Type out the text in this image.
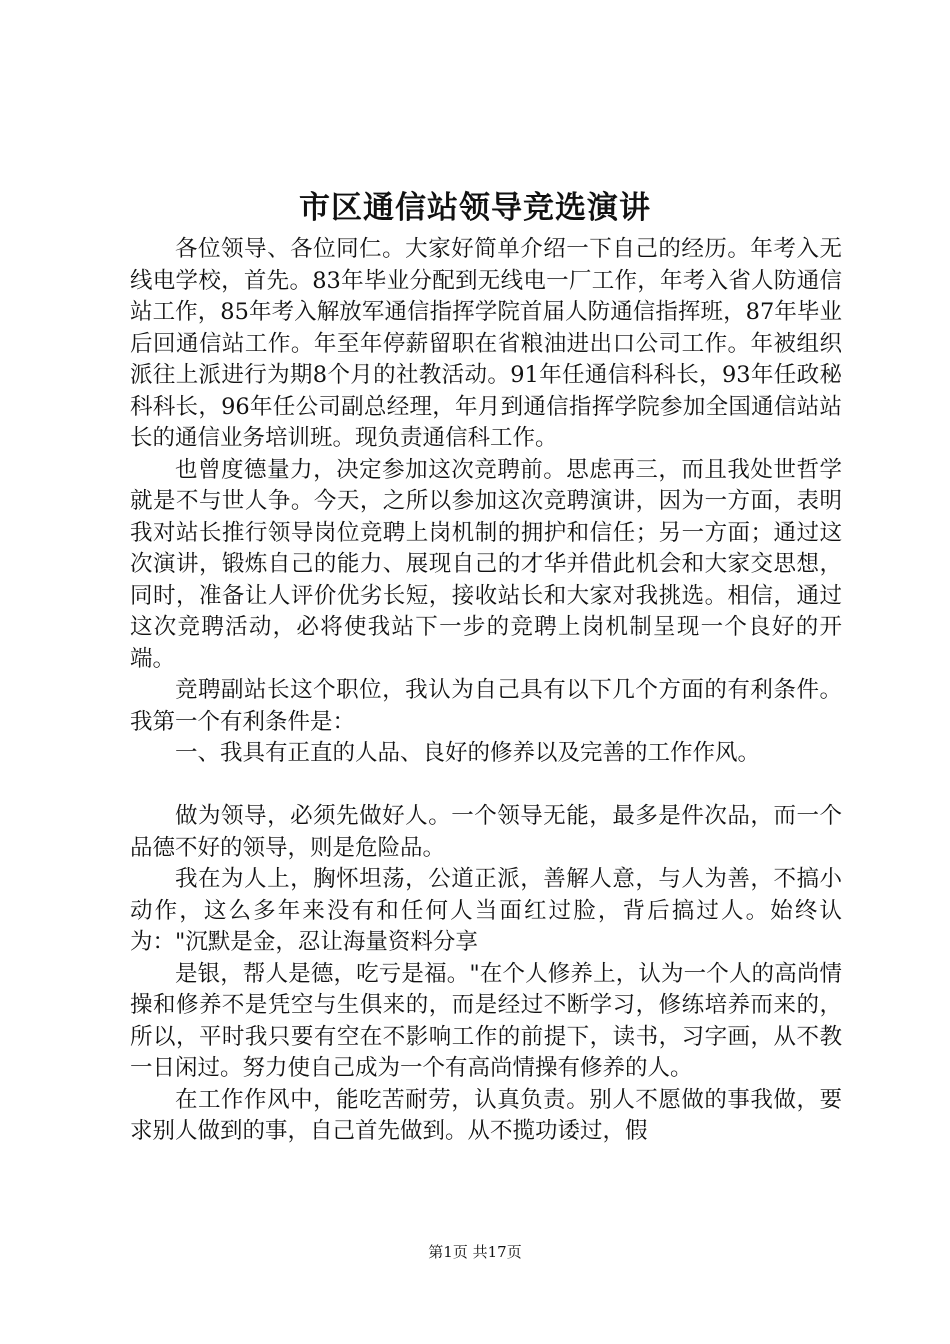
市区通信站领导竞选演讲

各位领导、各位同仁。大家好简单介绍一下自己的经历。年考入无线电学校，首先。83年毕业分配到无线电一厂工作，年考入省人防通信站工作，85年考入解放军通信指挥学院首届人防通信指挥班，87年毕业后回通信站工作。年至年停薪留职在省粮油进出口公司工作。年被组织派往上派进行为期8个月的社教活动。91年任通信科科长，93年任政秘科科长，96年任公司副总经理，年月到通信指挥学院参加全国通信站站长的通信业务培训班。现负责通信科工作。

也曾度德量力，决定参加这次竞聘前。思虑再三，而且我处世哲学就是不与世人争。今天，之所以参加这次竞聘演讲，因为一方面，表明我对站长推行领导岗位竞聘上岗机制的拥护和信任；另一方面；通过这次演讲，锻炼自己的能力、展现自己的才华并借此机会和大家交思想，同时，准备让人评价优劣长短，接收站长和大家对我挑选。相信，通过这次竞聘活动，必将使我站下一步的竞聘上岗机制呈现一个良好的开端。

竞聘副站长这个职位，我认为自己具有以下几个方面的有利条件。我第一个有利条件是：

一、我具有正直的人品、良好的修养以及完善的工作作风。

做为领导，必须先做好人。一个领导无能，最多是件次品，而一个品德不好的领导，则是危险品。

我在为人上，胸怀坦荡，公道正派，善解人意，与人为善，不搞小动作，这么多年来没有和任何人当面红过脸，背后搞过人。始终认为："沉默是金，忍让海量资料分享

是银，帮人是德，吃亏是福。"在个人修养上，认为一个人的高尚情操和修养不是凭空与生俱来的，而是经过不断学习，修练培养而来的，所以，平时我只要有空在不影响工作的前提下，读书，习字画，从不教一日闲过。努力使自己成为一个有高尚情操有修养的人。

在工作作风中，能吃苦耐劳，认真负责。别人不愿做的事我做，要求别人做到的事，自己首先做到。从不揽功诿过，假

第1页 共17页
